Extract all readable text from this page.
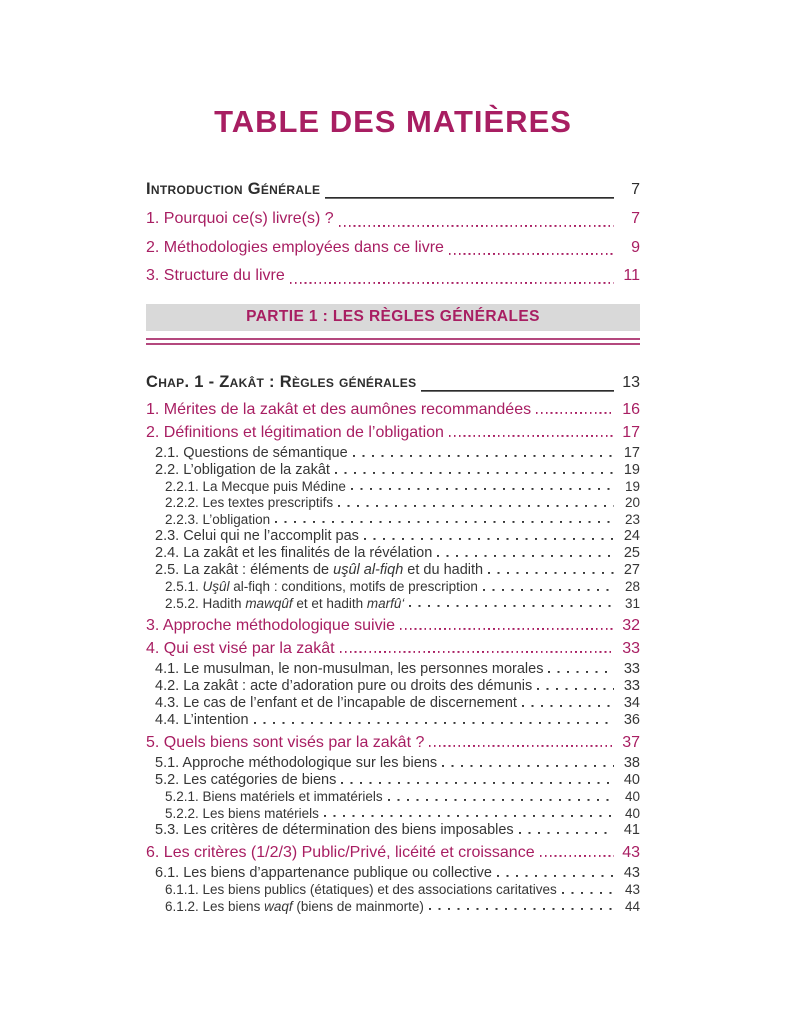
TABLE DES MATIÈRES
Introduction Générale	7
1. Pourquoi ce(s) livre(s) ?	7
2. Méthodologies employées dans ce livre	9
3. Structure du livre	11
PARTIE 1 : LES RÈGLES GÉNÉRALES
Chap. 1 - Zakât : Règles générales	13
1. Mérites de la zakât et des aumônes recommandées	16
2. Définitions et légitimation de l’obligation	17
2.1. Questions de sémantique	17
2.2. L’obligation de la zakât	19
2.2.1. La Mecque puis Médine	19
2.2.2. Les textes prescriptifs	20
2.2.3. L’obligation	23
2.3. Celui qui ne l’accomplit pas	24
2.4. La zakât et les finalités de la révélation	25
2.5. La zakât : éléments de uşûl al-fiqh et du hadith	27
2.5.1. Uşûl al-fiqh : conditions, motifs de prescription	28
2.5.2. Hadith mawqûf et et hadith marfû‘	31
3. Approche méthodologique suivie	32
4. Qui est visé par la zakât	33
4.1. Le musulman, le non-musulman, les personnes morales	33
4.2. La zakât : acte d’adoration pure ou droits des démunis	33
4.3. Le cas de l’enfant et de l’incapable de discernement	34
4.4. L’intention	36
5. Quels biens sont visés par la zakât ?	37
5.1. Approche méthodologique sur les biens	38
5.2. Les catégories de biens	40
5.2.1. Biens matériels et immatériels	40
5.2.2. Les biens matériels	40
5.3. Les critères de détermination des biens imposables	41
6. Les critères (1/2/3) Public/Privé, licéité et croissance	43
6.1. Les biens d’appartenance publique ou collective	43
6.1.1. Les biens publics (étatiques) et des associations caritatives	43
6.1.2. Les biens waqf (biens de mainmorte)	44
